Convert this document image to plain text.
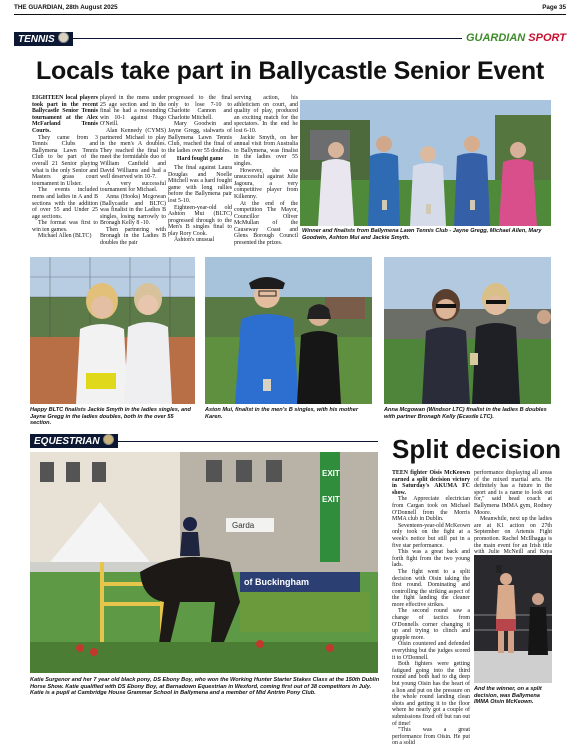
THE GUARDIAN, 28th August 2025	Page 35
TENNIS	GUARDIAN SPORT
Locals take part in Ballycastle Senior Event

EIGHTEEN local players took part in the recent Ballycastle Senior Tennis tournament at the Alex McFarland Tennis Courts.

They came from 3 Tennis Clubs and Ballymena Lawn Tennis Club to be part of the overall 21 Senior playing what is the only Senior and Masters grass court tournament in Ulster.

The events included mens and ladies in A and B sections with the addition of over 55 and Under 25 age sections.

The format was first to win ten games.

Michael Allen (BLTC)

played in the mens under 25 age section and in the final he had a resounding win 10-1 against Hugo O'Neill.

Alan Kennedy (CYMS) partnered Michael to play in the men's A doubles. They reached the final to meet the formidable duo of William Canfield and David Williams and had a well deserved win 10-7.

A very successful tournament for Michael.

Anna (Hooks) Mcgowan (Ballycastle and BLTC) was finalist in the Ladies B singles, losing narrowly to Bronagh Kelly 8 -10.

Then partnering with Bronagh in the Ladies B doubles the pair

progressed to the final only to lose 7-10 to Charlotte Cannon and Charlotte Mitchell.

Mary Goodwin and Jayne Gregg, stalwarts of Ballymena Lawn Tennis Club, reached the final of the ladies over 55 doubles.

Hard fought game

The final against Laura Douglas and Noelle Mitchell was a hard fought game with long rallies before the Ballymena pair lost 5-10.

Eighteen-year-old old Ashton Mui (BLTC) progressed through to the Men's B singles final to play Rory Cook.

Ashton's unusual

serving action, his athleticism on court, and quality of play, produced an exciting match for the spectators. In the end he lost 6-10.

Jackie Smyth, on her annual visit from Australia to Ballymena, was finalist in the ladies over 55 singles.

However, she was unsuccessful against Julie Jagoura, a very competitive player from Kilkenny.

At the end of the competition The Mayor, Councillor Oliver McMullan of the Causeway Coast and Glens Borough Council presented the prizes.

Winner and finalists from Ballymena Lawn Tennis Club - Jayne Gregg, Michael Allen, Mary Goodwin, Ashton Mui and Jackie Smyth.
Happy BLTC finalists Jackie Smyth in the ladies singles, and Jayne Gregg in the ladies doubles, both in the over 55 section.
Aston Mui, finalist in the men's B singles, with his mother Karen.
Anna Mcgowan (Windsor LTC) finalist in the ladies B doubles with partner Bronagh Kelly (Ecastle LTC).
EQUESTRIAN
EXIT
EXIT
Garda
of Buckingham
Katie Surgenor and her 7 year old black pony, DS Ebony Boy, who won the Working Hunter Starter Stakes Class at the 150th Dublin Horse Show. Katie qualified with DS Ebony Boy, at Barnadown Equestrian in Wexford, coming first out of 38 competitors in July. Katie is a pupil at Cambridge House Grammar School in Ballymena and a member of Mid Antrim Pony Club.
Split decision

TEEN fighter Oisis McKeown earned a split decision victory in Saturday's AKUMA FC show.

The Appreciate electrician from Cargan took on Michael O'Donnell from the Morris MMA club in Dublin.

Seventeen-year-old McKeown only took on the fight at a week's notice but still put in a five star performance.

This was a great back and forth fight from the two young lads.

The fight went to a split decision with Oisin taking the first round. Dominating and controlling the striking aspect of the fight landing the cleaner more effective strikes.

The second round saw a change of tactics from O'Donnells corner changing it up and trying to clinch and grapple more.

Oisin countered and defended everything but the judges scored it to O'Donnell.

Both fighters were getting fatigued going into the third round and both had to dig deep but young Oisin has the heart of a lion and put on the pressure on the whole round landing clean shots and getting it to the floor where he nearly got a couple of submissions fixed off but ran out of time!

"This was a great performance from Oisin. He put on a solid

performance displaying all areas of the mixed martial arts. He definitely has a future in the sport and is a name to look out for," said head coach at Ballymena IMMA gym, Rodney Moore.

Meanwhile, next up the ladies are at K1 action on 27th September on Artemis Fight promotion. Rachel McIlhagga is the main event for an Irish title with Julie McNeill and Ksya

And the winner, on a split decision, was Ballymena IMMA Oisin McKeown.
